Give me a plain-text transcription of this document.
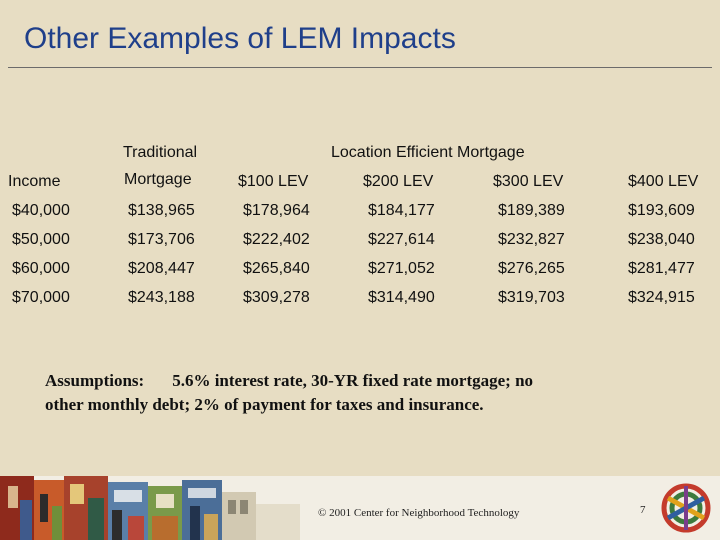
Other Examples of LEM Impacts
Traditional	Location Efficient Mortgage
Income	Mortgage	$100 LEV	$200 LEV	$300 LEV	$400 LEV
$40,000	$138,965	$178,964	$184,177	$189,389	$193,609
$50,000	$173,706	$222,402	$227,614	$232,827	$238,040
$60,000	$208,447	$265,840	$271,052	$276,265	$281,477
$70,000	$243,188	$309,278	$314,490	$319,703	$324,915
Assumptions: 5.6% interest rate, 30-YR fixed rate mortgage; no
other monthly debt; 2% of payment for taxes and insurance.
© 2001 Center for Neighborhood Technology	7
